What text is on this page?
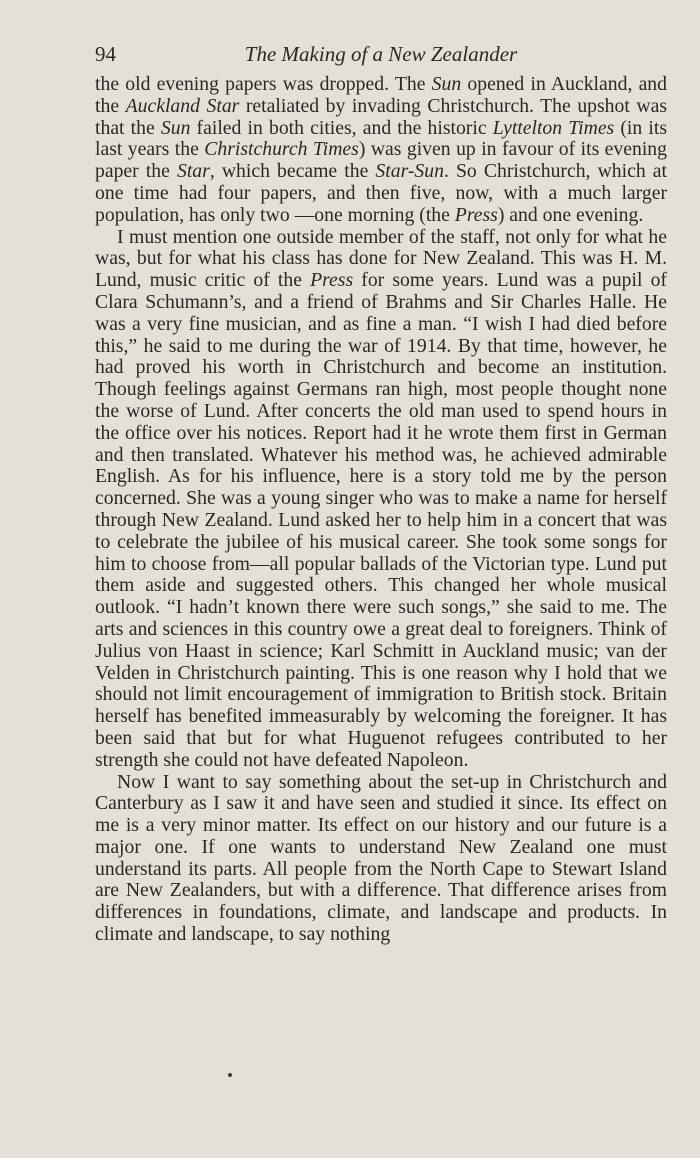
94	The Making of a New Zealander

the old evening papers was dropped. The Sun opened in Auckland, and the Auckland Star retaliated by invading Christchurch. The upshot was that the Sun failed in both cities, and the historic Lyttelton Times (in its last years the Christchurch Times) was given up in favour of its evening paper the Star, which became the Star-Sun. So Christchurch, which at one time had four papers, and then five, now, with a much larger population, has only two —one morning (the Press) and one evening.

I must mention one outside member of the staff, not only for what he was, but for what his class has done for New Zealand. This was H. M. Lund, music critic of the Press for some years. Lund was a pupil of Clara Schumann’s, and a friend of Brahms and Sir Charles Halle. He was a very fine musician, and as fine a man. “I wish I had died before this,” he said to me during the war of 1914. By that time, however, he had proved his worth in Christchurch and become an institution. Though feelings against Germans ran high, most people thought none the worse of Lund. After concerts the old man used to spend hours in the office over his notices. Report had it he wrote them first in German and then translated. Whatever his method was, he achieved admirable English. As for his influence, here is a story told me by the person concerned. She was a young singer who was to make a name for herself through New Zealand. Lund asked her to help him in a concert that was to celebrate the jubilee of his musical career. She took some songs for him to choose from—all popular ballads of the Victorian type. Lund put them aside and suggested others. This changed her whole musical outlook. “I hadn’t known there were such songs,” she said to me. The arts and sciences in this country owe a great deal to foreigners. Think of Julius von Haast in science; Karl Schmitt in Auckland music; van der Velden in Christchurch painting. This is one reason why I hold that we should not limit encouragement of immigration to British stock. Britain herself has benefited immeasurably by welcoming the foreigner. It has been said that but for what Huguenot refugees contributed to her strength she could not have defeated Napoleon.

Now I want to say something about the set-up in Christchurch and Canterbury as I saw it and have seen and studied it since. Its effect on me is a very minor matter. Its effect on our history and our future is a major one. If one wants to understand New Zealand one must understand its parts. All people from the North Cape to Stewart Island are New Zealanders, but with a difference. That difference arises from differences in foundations, climate, and landscape and products. In climate and landscape, to say nothing
